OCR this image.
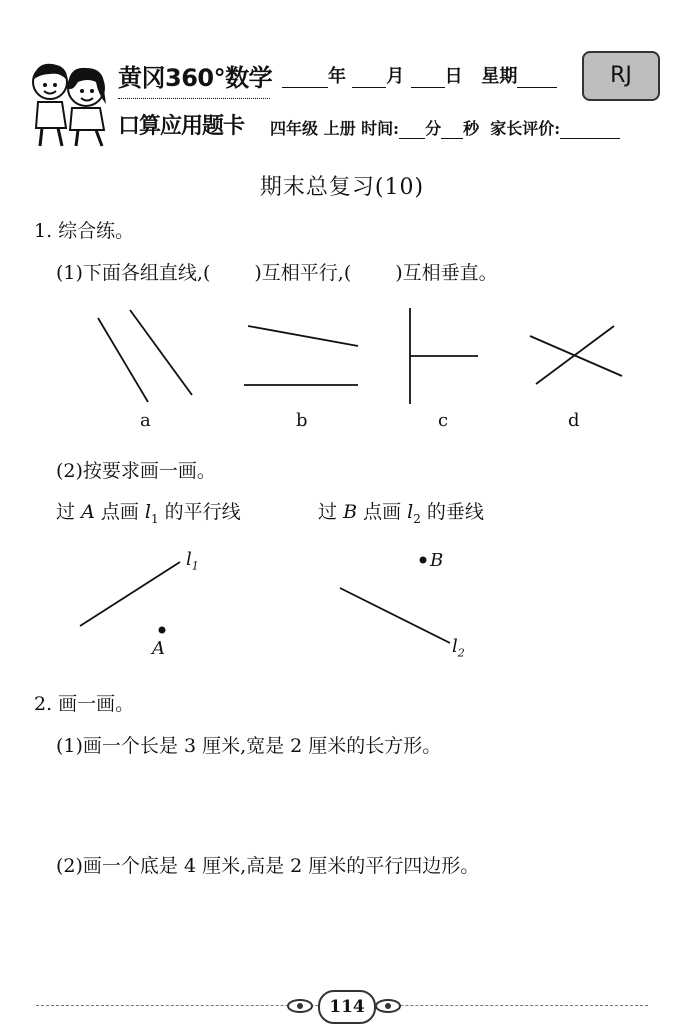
黄冈360°数学
口算应用题卡
年 月 日 星期	RJ
四年级 上册 时间: 分 秒 家长评价:
期末总复习(10)
1. 综合练。
(1)下面各组直线,( )互相平行,( )互相垂直。
a	b	c	d
(2)按要求画一画。
过 A 点画 $l_1$ 的平行线	过 B 点画 $l_2$ 的垂线
$l_1$
A
B
$l_2$
2. 画一画。
(1)画一个长是 3 厘米,宽是 2 厘米的长方形。
(2)画一个底是 4 厘米,高是 2 厘米的平行四边形。
114
